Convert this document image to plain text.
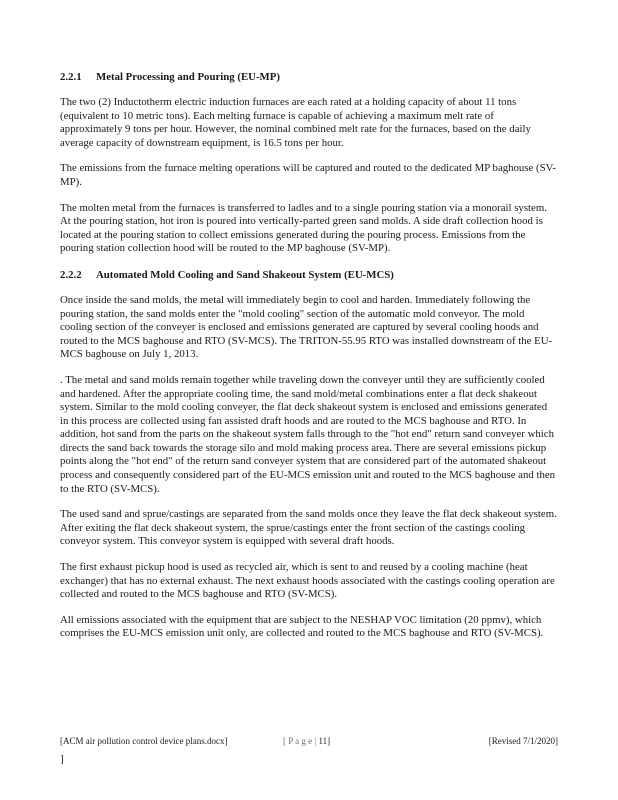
2.2.1 Metal Processing and Pouring (EU-MP)

The two (2) Inductotherm electric induction furnaces are each rated at a holding capacity of about 11 tons (equivalent to 10 metric tons). Each melting furnace is capable of achieving a maximum melt rate of approximately 9 tons per hour. However, the nominal combined melt rate for the furnaces, based on the daily average capacity of downstream equipment, is 16.5 tons per hour.

The emissions from the furnace melting operations will be captured and routed to the dedicated MP baghouse (SV-MP).

The molten metal from the furnaces is transferred to ladles and to a single pouring station via a monorail system. At the pouring station, hot iron is poured into vertically-parted green sand molds. A side draft collection hood is located at the pouring station to collect emissions generated during the pouring process. Emissions from the pouring station collection hood will be routed to the MP baghouse (SV-MP).

2.2.2 Automated Mold Cooling and Sand Shakeout System (EU-MCS)

Once inside the sand molds, the metal will immediately begin to cool and harden. Immediately following the pouring station, the sand molds enter the "mold cooling" section of the automatic mold conveyor. The mold cooling section of the conveyer is enclosed and emissions generated are captured by several cooling hoods and routed to the MCS baghouse and RTO (SV-MCS). The TRITON-55.95 RTO was installed downstream of the EU-MCS baghouse on July 1, 2013.

. The metal and sand molds remain together while traveling down the conveyer until they are sufficiently cooled and hardened. After the appropriate cooling time, the sand mold/metal combinations enter a flat deck shakeout system. Similar to the mold cooling conveyer, the flat deck shakeout system is enclosed and emissions generated in this process are collected using fan assisted draft hoods and are routed to the MCS baghouse and RTO. In addition, hot sand from the parts on the shakeout system falls through to the "hot end" return sand conveyer which directs the sand back towards the storage silo and mold making process area. There are several emissions pickup points along the "hot end" of the return sand conveyer system that are considered part of the automated shakeout process and consequently considered part of the EU-MCS emission unit and routed to the MCS baghouse and then to the RTO (SV-MCS).

The used sand and sprue/castings are separated from the sand molds once they leave the flat deck shakeout system. After exiting the flat deck shakeout system, the sprue/castings enter the front section of the castings cooling conveyor system. This conveyor system is equipped with several draft hoods.

The first exhaust pickup hood is used as recycled air, which is sent to and reused by a cooling machine (heat exchanger) that has no external exhaust. The next exhaust hoods associated with the castings cooling operation are collected and routed to the MCS baghouse and RTO (SV-MCS).

All emissions associated with the equipment that are subject to the NESHAP VOC limitation (20 ppmv), which comprises the EU-MCS emission unit only, are collected and routed to the MCS baghouse and RTO (SV-MCS).

[ACM air pollution control device plans.docx]	[ P a g e | 11]	[Revised 7/1/2020]
]
